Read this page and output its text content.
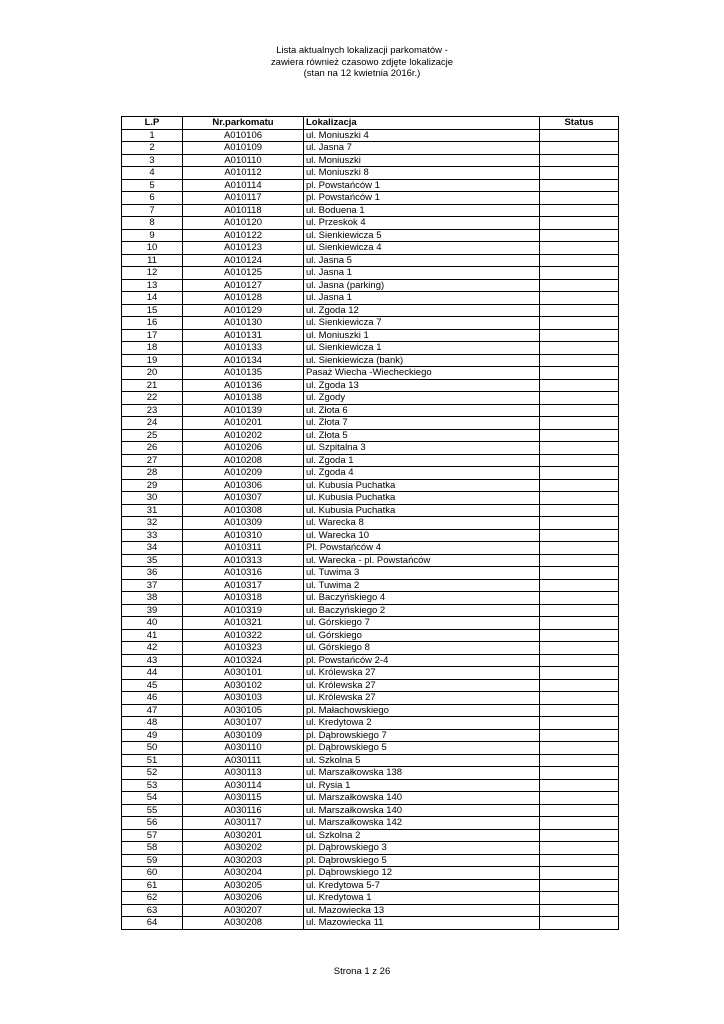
Lista aktualnych lokalizacji parkomatów -
zawiera również czasowo zdjęte lokalizacje
(stan na 12 kwietnia 2016r.)
L.P	Nr.parkomatu	Lokalizacja	Status
1	A010106	ul. Moniuszki 4	
2	A010109	ul. Jasna 7	
3	A010110	ul. Moniuszki	
4	A010112	ul. Moniuszki 8	
5	A010114	pl. Powstańców 1	
6	A010117	pl. Powstańców 1	
7	A010118	ul. Boduena 1	
8	A010120	ul. Przeskok 4	
9	A010122	ul. Sienkiewicza 5	
10	A010123	ul. Sienkiewicza 4	
11	A010124	ul. Jasna 5	
12	A010125	ul. Jasna 1	
13	A010127	ul. Jasna (parking)	
14	A010128	ul. Jasna 1	
15	A010129	ul. Zgoda 12	
16	A010130	ul. Sienkiewicza 7	
17	A010131	ul. Moniuszki 1	
18	A010133	ul. Sienkiewicza 1	
19	A010134	ul. Sienkiewicza (bank)	
20	A010135	Pasaż Wiecha -Wiecheckiego	
21	A010136	ul. Zgoda 13	
22	A010138	ul. Zgody	
23	A010139	ul. Złota 6	
24	A010201	ul. Złota 7	
25	A010202	ul. Złota 5	
26	A010206	ul. Szpitalna 3	
27	A010208	ul. Zgoda 1	
28	A010209	ul. Zgoda 4	
29	A010306	ul. Kubusia Puchatka	
30	A010307	ul. Kubusia Puchatka	
31	A010308	ul. Kubusia Puchatka	
32	A010309	ul. Warecka 8	
33	A010310	ul. Warecka 10	
34	A010311	Pl. Powstańców 4	
35	A010313	ul. Warecka - pl. Powstańców	
36	A010316	ul. Tuwima 3	
37	A010317	ul. Tuwima 2	
38	A010318	ul. Baczyńskiego 4	
39	A010319	ul. Baczyńskiego 2	
40	A010321	ul. Górskiego 7	
41	A010322	ul. Górskiego	
42	A010323	ul. Górskiego 8	
43	A010324	pl. Powstańców 2-4	
44	A030101	ul. Królewska 27	
45	A030102	ul. Królewska 27	
46	A030103	ul. Królewska 27	
47	A030105	pl. Małachowskiego	
48	A030107	ul. Kredytowa 2	
49	A030109	pl. Dąbrowskiego 7	
50	A030110	pl. Dąbrowskiego 5	
51	A030111	ul. Szkolna 5	
52	A030113	ul. Marszałkowska 138	
53	A030114	ul. Rysia 1	
54	A030115	ul. Marszałkowska 140	
55	A030116	ul. Marszałkowska 140	
56	A030117	ul. Marszałkowska 142	
57	A030201	ul. Szkolna 2	
58	A030202	pl. Dąbrowskiego 3	
59	A030203	pl. Dąbrowskiego 5	
60	A030204	pl. Dąbrowskiego 12	
61	A030205	ul. Kredytowa 5-7	
62	A030206	ul. Kredytowa 1	
63	A030207	ul. Mazowiecka 13	
64	A030208	ul. Mazowiecka 11	
Strona 1 z 26
